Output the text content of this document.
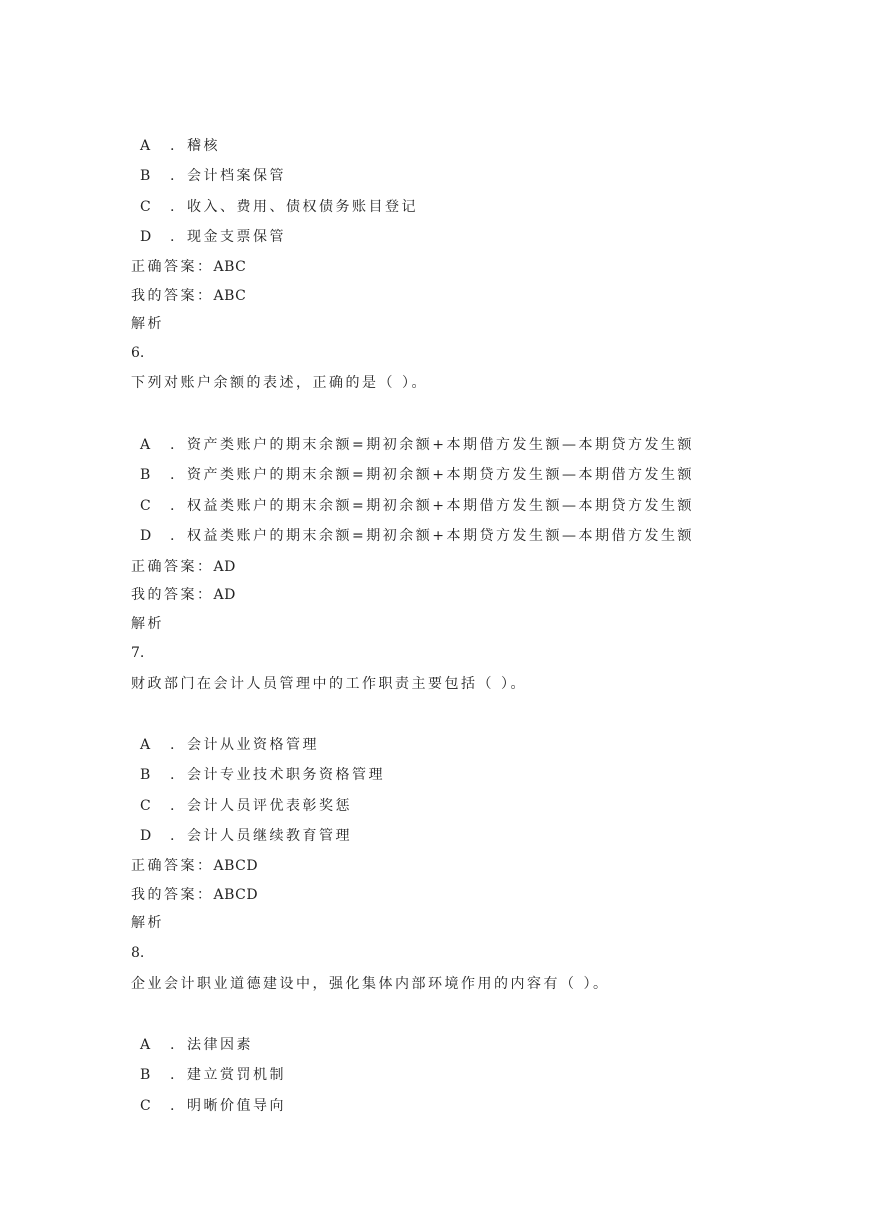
A . 稽核
B . 会计档案保管
C . 收入、费用、债权债务账目登记
D . 现金支票保管
正确答案：ABC
我的答案：ABC
解析
6.
下列对账户余额的表述，正确的是（ ）。
A . 资产类账户的期末余额=期初余额+本期借方发生额—本期贷方发生额
B . 资产类账户的期末余额=期初余额+本期贷方发生额—本期借方发生额
C . 权益类账户的期末余额=期初余额+本期借方发生额—本期贷方发生额
D . 权益类账户的期末余额=期初余额+本期贷方发生额—本期借方发生额
正确答案：AD
我的答案：AD
解析
7.
财政部门在会计人员管理中的工作职责主要包括（ ）。
A . 会计从业资格管理
B . 会计专业技术职务资格管理
C . 会计人员评优表彰奖惩
D . 会计人员继续教育管理
正确答案：ABCD
我的答案：ABCD
解析
8.
企业会计职业道德建设中，强化集体内部环境作用的内容有（ ）。
A . 法律因素
B . 建立赏罚机制
C . 明晰价值导向
